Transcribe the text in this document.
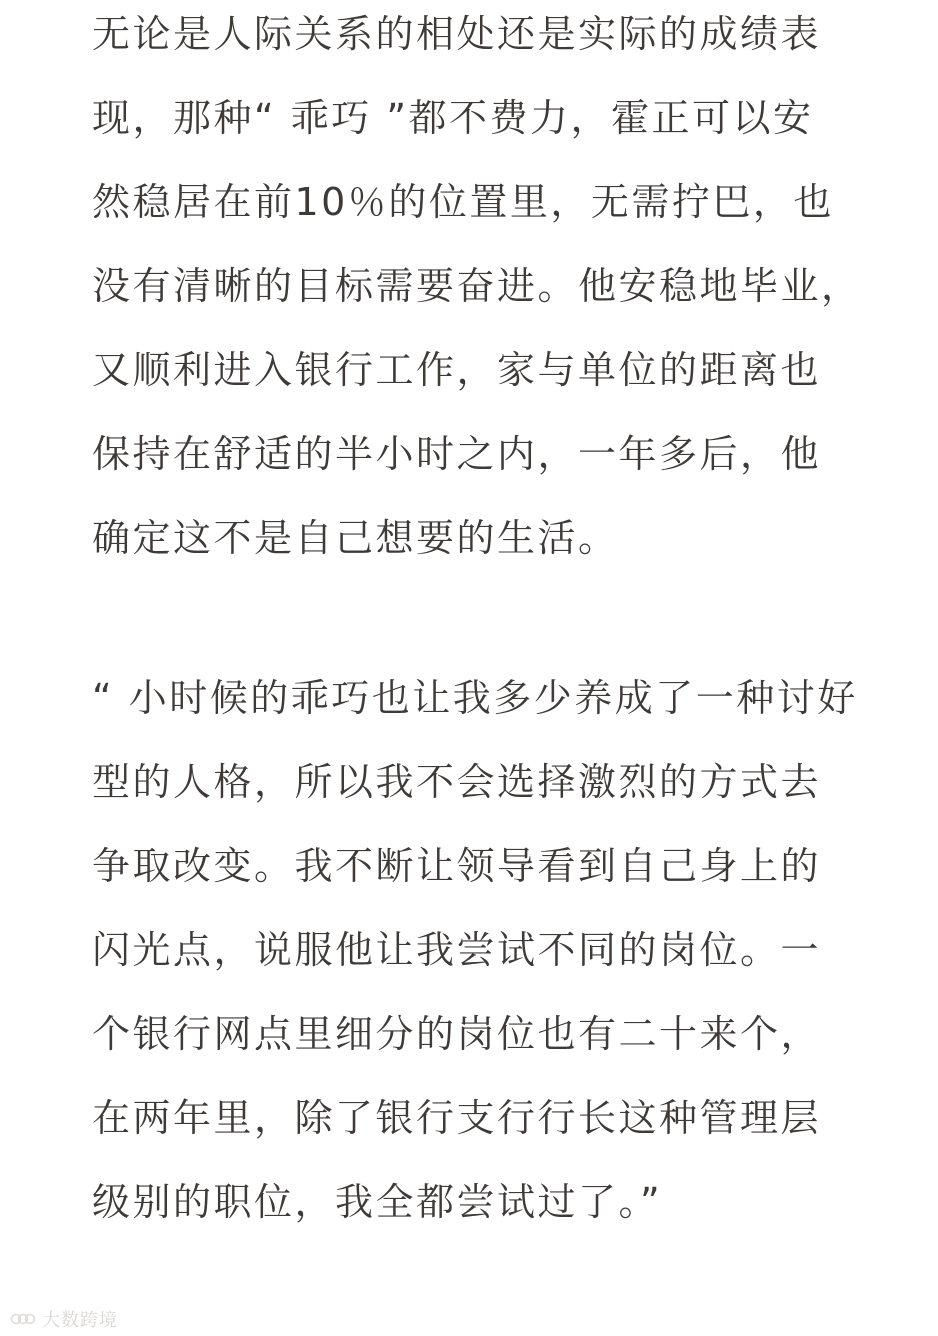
无论是人际关系的相处还是实际的成绩表
现，那种“ 乖巧 ”都不费力，霍正可以安
然稳居在前10％的位置里，无需拧巴，也
没有清晰的目标需要奋进。他安稳地毕业，
又顺利进入银行工作，家与单位的距离也
保持在舒适的半小时之内，一年多后，他
确定这不是自己想要的生活。
“ 小时候的乖巧也让我多少养成了一种讨好
型的人格，所以我不会选择激烈的方式去
争取改变。我不断让领导看到自己身上的
闪光点，说服他让我尝试不同的岗位。一
个银行网点里细分的岗位也有二十来个，
在两年里，除了银行支行行长这种管理层
级别的职位，我全都尝试过了。”
大数跨境
